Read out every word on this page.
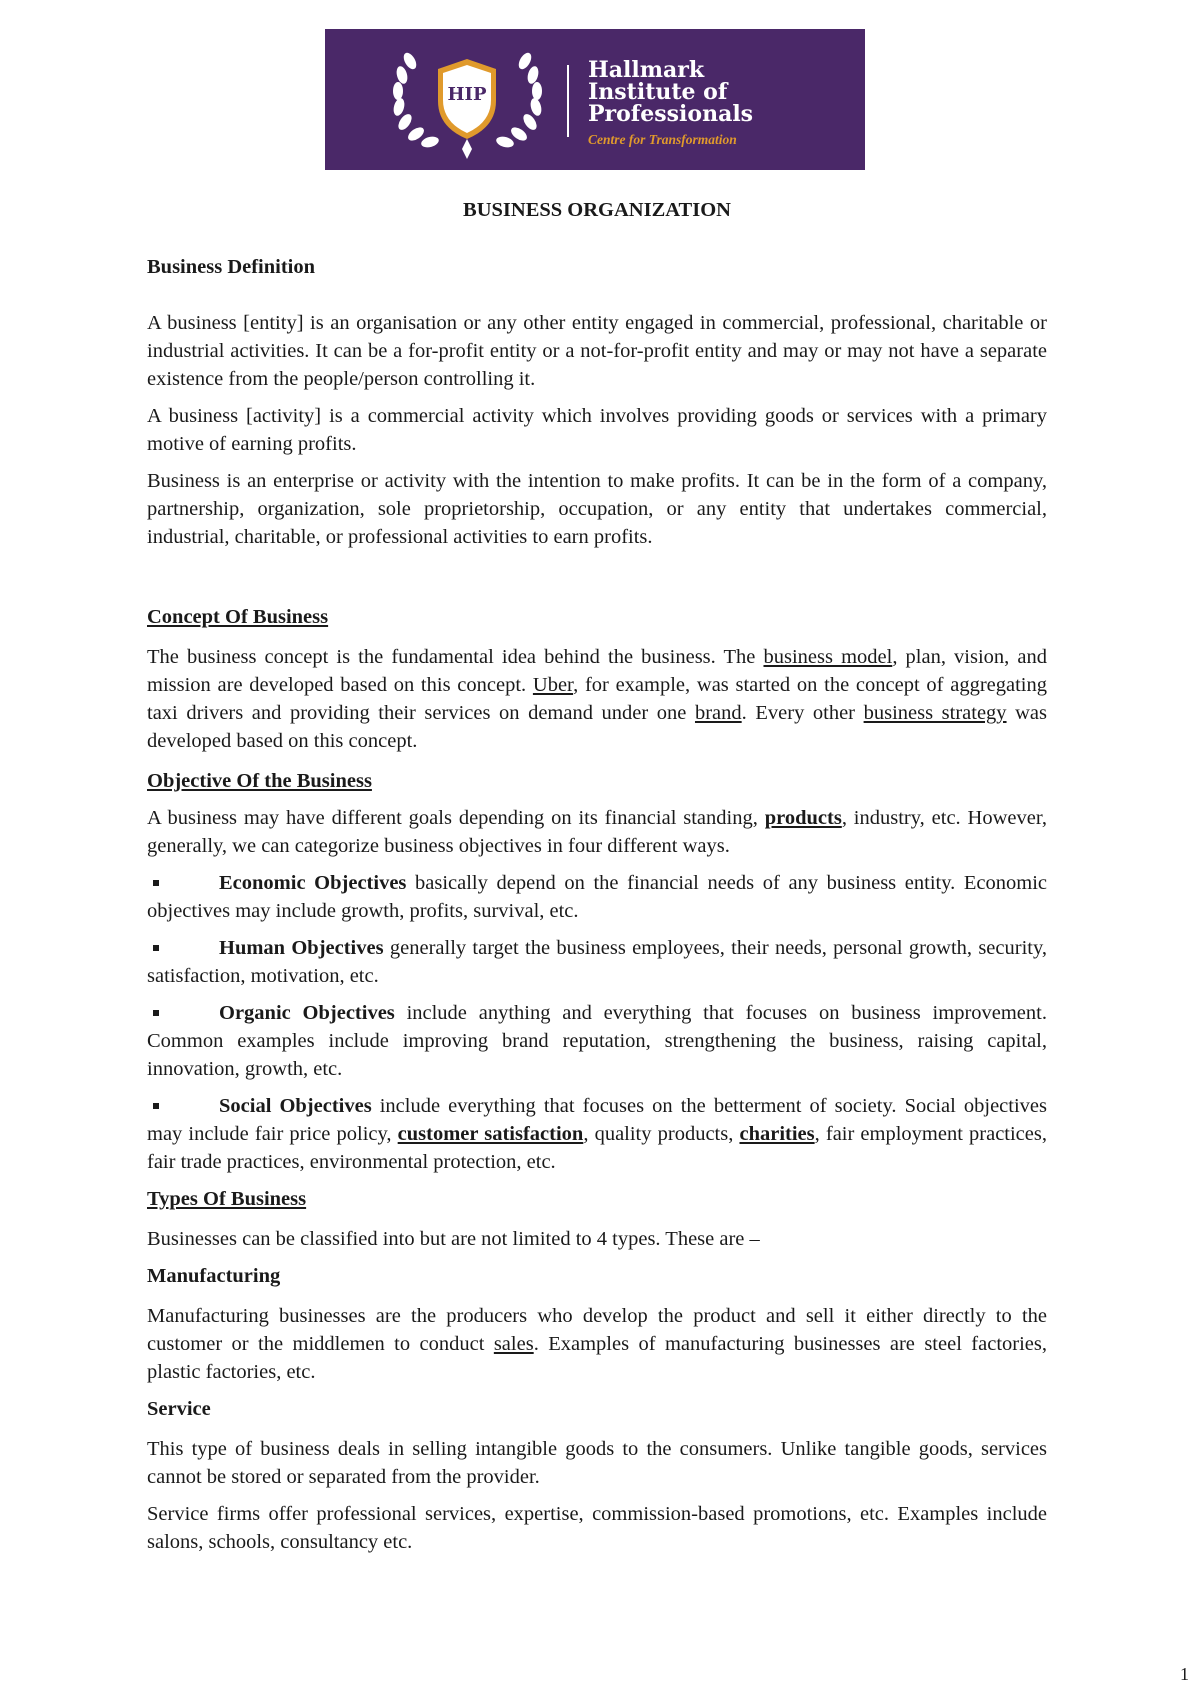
HIP
Hallmark
Institute of
Professionals
Centre for Transformation
BUSINESS ORGANIZATION
Business Definition

A business [entity] is an organisation or any other entity engaged in commercial, professional, charitable or industrial activities. It can be a for-profit entity or a not-for-profit entity and may or may not have a separate existence from the people/person controlling it.

A business [activity] is a commercial activity which involves providing goods or services with a primary motive of earning profits.

Business is an enterprise or activity with the intention to make profits. It can be in the form of a company, partnership, organization, sole proprietorship, occupation, or any entity that undertakes commercial, industrial, charitable, or professional activities to earn profits.

Concept Of Business

The business concept is the fundamental idea behind the business. The business model, plan, vision, and mission are developed based on this concept. Uber, for example, was started on the concept of aggregating taxi drivers and providing their services on demand under one brand. Every other business strategy was developed based on this concept.

Objective Of the Business

A business may have different goals depending on its financial standing, products, industry, etc. However, generally, we can categorize business objectives in four different ways.

Economic Objectives basically depend on the financial needs of any business entity. Economic objectives may include growth, profits, survival, etc.

Human Objectives generally target the business employees, their needs, personal growth, security, satisfaction, motivation, etc.

Organic Objectives include anything and everything that focuses on business improvement. Common examples include improving brand reputation, strengthening the business, raising capital, innovation, growth, etc.

Social Objectives include everything that focuses on the betterment of society. Social objectives may include fair price policy, customer satisfaction, quality products, charities, fair employment practices, fair trade practices, environmental protection, etc.

Types Of Business

Businesses can be classified into but are not limited to 4 types. These are –

Manufacturing

Manufacturing businesses are the producers who develop the product and sell it either directly to the customer or the middlemen to conduct sales. Examples of manufacturing businesses are steel factories, plastic factories, etc.

Service

This type of business deals in selling intangible goods to the consumers. Unlike tangible goods, services cannot be stored or separated from the provider.

Service firms offer professional services, expertise, commission-based promotions, etc. Examples include salons, schools, consultancy etc.

1
